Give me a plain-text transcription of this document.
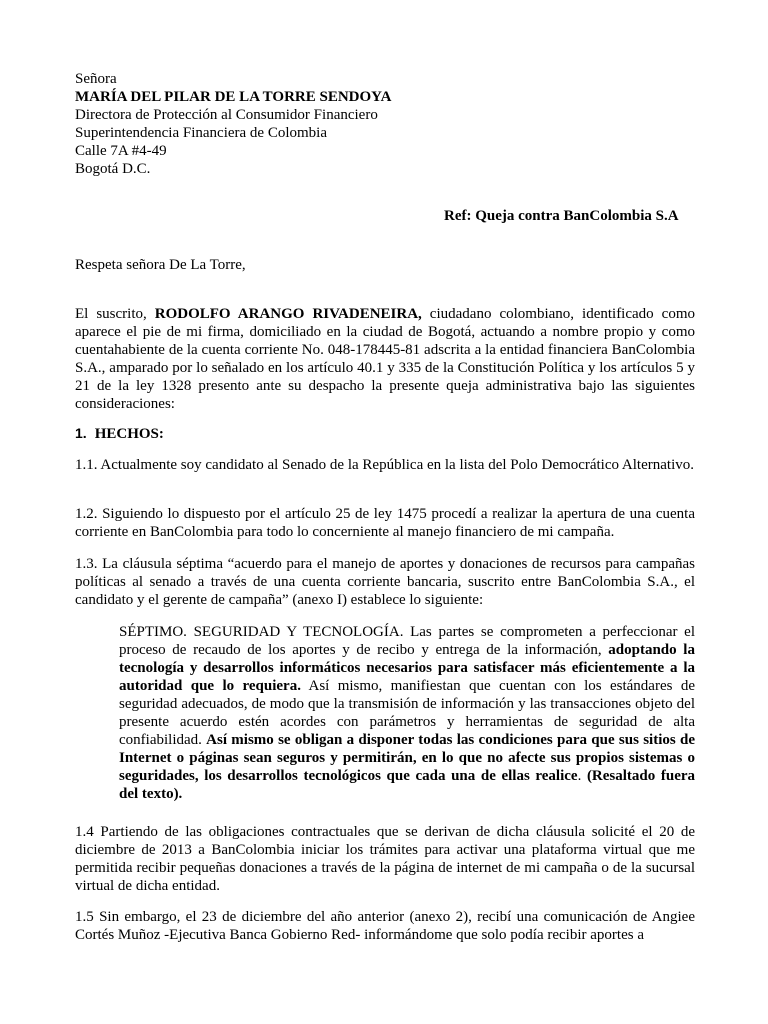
Señora
MARÍA DEL PILAR DE LA TORRE SENDOYA
Directora de Protección al Consumidor Financiero
Superintendencia Financiera de Colombia
Calle 7A #4-49
Bogotá D.C.
Ref: Queja contra BanColombia S.A
Respeta señora De La Torre,
El suscrito, RODOLFO ARANGO RIVADENEIRA, ciudadano colombiano, identificado como aparece el pie de mi firma, domiciliado en la ciudad de Bogotá, actuando a nombre propio y como cuentahabiente de la cuenta corriente No. 048-178445-81 adscrita a la entidad financiera BanColombia S.A., amparado por lo señalado en los artículo 40.1 y 335 de la Constitución Política y los artículos 5 y 21 de la ley 1328 presento ante su despacho la presente queja administrativa bajo las siguientes consideraciones:
1. HECHOS:
1.1. Actualmente soy candidato al Senado de la República en la lista del Polo Democrático Alternativo.
1.2. Siguiendo lo dispuesto por el artículo 25 de ley 1475 procedí a realizar la apertura de una cuenta corriente en BanColombia para todo lo concerniente al manejo financiero de mi campaña.
1.3. La cláusula séptima “acuerdo para el manejo de aportes y donaciones de recursos para campañas políticas al senado a través de una cuenta corriente bancaria, suscrito entre BanColombia S.A., el candidato y el gerente de campaña” (anexo I) establece lo siguiente:
SÉPTIMO. SEGURIDAD Y TECNOLOGÍA. Las partes se comprometen a perfeccionar el proceso de recaudo de los aportes y de recibo y entrega de la información, adoptando la tecnología y desarrollos informáticos necesarios para satisfacer más eficientemente a la autoridad que lo requiera. Así mismo, manifiestan que cuentan con los estándares de seguridad adecuados, de modo que la transmisión de información y las transacciones objeto del presente acuerdo estén acordes con parámetros y herramientas de seguridad de alta confiabilidad. Así mismo se obligan a disponer todas las condiciones para que sus sitios de Internet o páginas sean seguros y permitirán, en lo que no afecte sus propios sistemas o seguridades, los desarrollos tecnológicos que cada una de ellas realice. (Resaltado fuera del texto).
1.4 Partiendo de las obligaciones contractuales que se derivan de dicha cláusula solicité el 20 de diciembre de 2013 a BanColombia iniciar los trámites para activar una plataforma virtual que me permitida recibir pequeñas donaciones a través de la página de internet de mi campaña o de la sucursal virtual de dicha entidad.
1.5 Sin embargo, el 23 de diciembre del año anterior (anexo 2), recibí una comunicación de Angiee Cortés Muñoz -Ejecutiva Banca Gobierno Red- informándome que solo podía recibir aportes a
